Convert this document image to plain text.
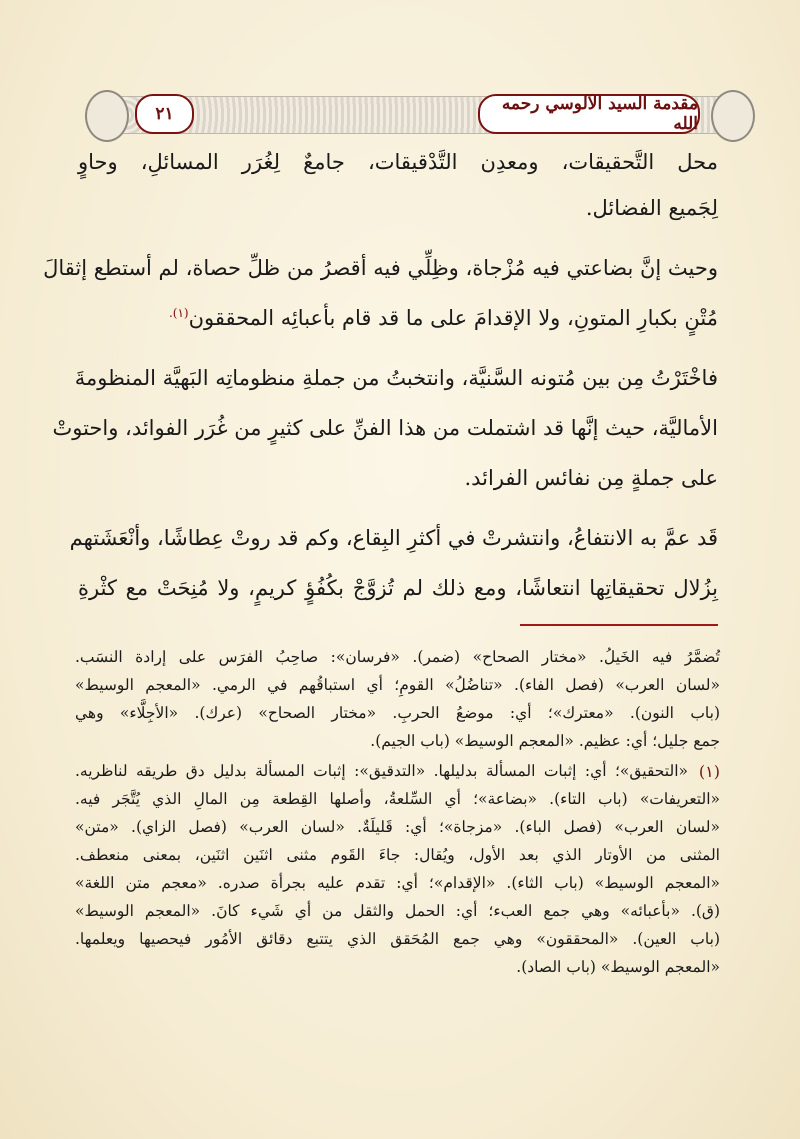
٢١	مقدمة السيد الآلوسي رحمه الله
محل التَّحقيقات، ومعدِن التَّدْقيقات، جامعٌ لِغُرَر المسائلِ، وحاوٍ
لِجَميع الفضائل.
وحيث إنَّ بضاعتي فيه مُزْجاة، وظِلِّي فيه أقصرُ من ظلِّ حصاة، لم أستطع إثقالَ
مُتْنٍ بكبارِ المتونِ، ولا الإقدامَ على ما قد قام بأعبائِه المحققون$^{(١).}$
فاخْتَرْتُ مِن بين مُتونه السَّنيَّة، وانتخبتُ من جملةِ منظوماتِه البَهيَّة المنظومةَ
الأماليَّة، حيث إنَّها قد اشتملت من هذا الفنِّ على كثيرٍ من غُرَر الفوائد، واحتوتْ
على جملةٍ مِن نفائس الفرائد.
قَد عمَّ به الانتفاعُ، وانتشرتْ في أكثرِ البِقاع، وكم قد روتْ عِطاشًا، وأنْعَشَتهم
بِزُلال تحقيقاتِها انتعاشًا، ومع ذلك لم تُزوَّجْ بكُفُؤٍ كريمٍ، ولا مُنِحَتْ مع كثْرةِ
تُضمَّرُ فيه الخَيلُ. «مختار الصحاح» (ضمر). «فرسان»: صاحِبُ الفرَس على إرادة النسَب.
«لسان العرب» (فصل الفاء). «تناضُلُ» القومِ؛ أي استباقُهم في الرمي. «المعجم الوسيط»
(باب النون). «معترك»؛ أي: موضعُ الحربِ. «مختار الصحاح» (عرك). «الأجِلَّاء» وهي
جمع جليل؛ أي: عظيم. «المعجم الوسيط» (باب الجيم).
(١)
«التحقيق»؛ أي: إثبات المسألة بدليلها. «التدقيق»: إثبات المسألة بدليل دق طريقه لناظريه.
«التعريفات» (باب التاء). «بضاعة»؛ أي السِّلعةُ، وأصلها القِطعة مِن المالِ الذي يُتَّجَر فيه.
«لسان العرب» (فصل الباء). «مزجاة»؛ أي: قَليلَةٌ. «لسان العرب» (فصل الزاي). «متن»
المثنى من الأوتار الذي بعد الأول، ويُقال: جاءَ القَوم مثنى اثنَين اثنَين، بمعنى منعطف.
«المعجم الوسيط» (باب الثاء). «الإقدام»؛ أي: تقدم عليه بجرأة صدره. «معجم متن اللغة»
(ق). «بأعبائه» وهي جمع العبء؛ أي: الحمل والثقل من أي شَيء كانَ. «المعجم الوسيط»
(باب العين). «المحققون» وهي جمع المُحَقق الذي يتتبع دقائق الأمُور فيحصيها ويعلمها.
«المعجم الوسيط» (باب الصاد).
